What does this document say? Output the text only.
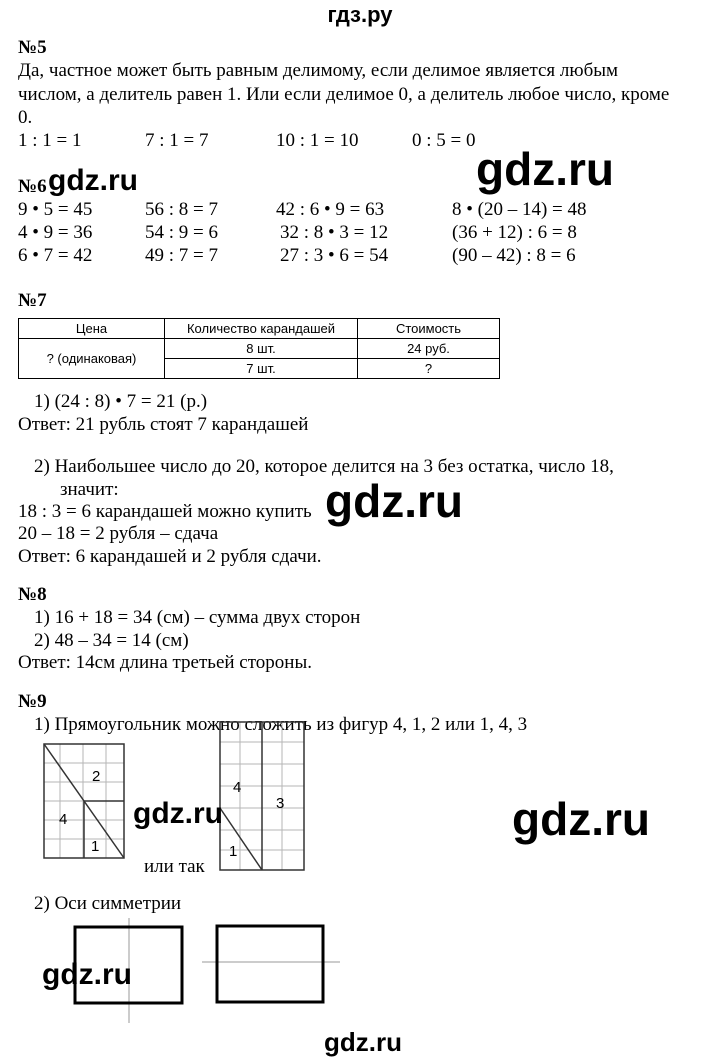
гдз.ру
№5
Да, частное может быть равным делимому, если делимое является любым
числом, а делитель равен 1. Или если делимое 0, а делитель любое число, кроме
0.
1 : 1 = 1	7 : 1 = 7	10 : 1 = 10	0 : 5 = 0
№6
9 • 5 = 45	56 : 8 = 7	42 : 6 • 9 = 63	8 • (20 – 14) = 48
4 • 9 = 36	54 : 9 = 6	32 : 8 • 3 = 12	(36 + 12) : 6 = 8
6 • 7 = 42	49 : 7 = 7	27 : 3 • 6 = 54	(90 – 42) : 8 = 6
№7
Цена	Количество карандашей	Стоимость
? (одинаковая)	8 шт.	24 руб.
	7 шт.	?
1) (24 : 8) • 7 = 21 (р.)
Ответ: 21 рубль стоят 7 карандашей
2) Наибольшее число до 20, которое делится на 3 без остатка, число 18,
значит:
18 : 3 = 6 карандашей можно купить
20 – 18 = 2 рубля – сдача
Ответ: 6 карандашей и 2 рубля сдачи.
№8
1) 16 + 18 = 34 (см) – сумма двух сторон
2) 48 – 34 = 14 (см)
Ответ: 14см длина третьей стороны.
№9
1) Прямоугольник можно сложить из фигур 4, 1, 2 или 1, 4, 3
2
4
1
4
3
1
или так
2) Оси симметрии
gdz.ru
gdz.ru
gdz.ru
gdz.ru	gdz.ru
gdz.ru
gdz.ru
